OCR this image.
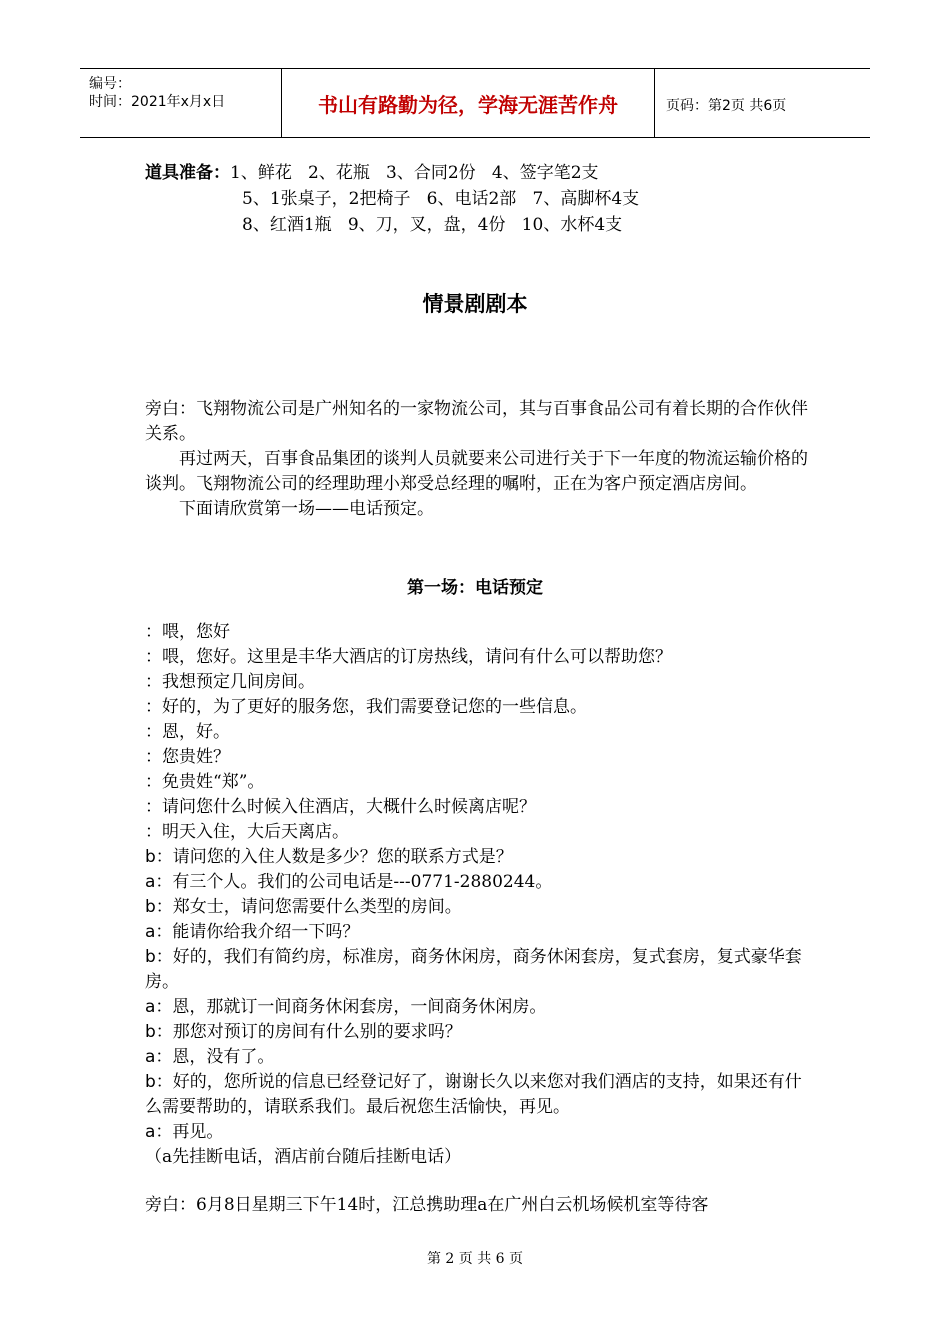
编号：
时间：2021年x月x日	书山有路勤为径，学海无涯苦作舟	页码：第2页 共6页
道具准备：1、鲜花   2、花瓶   3、合同2份   4、签字笔2支
5、1张桌子，2把椅子   6、电话2部   7、高脚杯4支
8、红酒1瓶   9、刀，叉，盘，4份   10、水杯4支
情景剧剧本

旁白：飞翔物流公司是广州知名的一家物流公司，其与百事食品公司有着长期的合作伙伴关系。

再过两天，百事食品集团的谈判人员就要来公司进行关于下一年度的物流运输价格的谈判。飞翔物流公司的经理助理小郑受总经理的嘱咐，正在为客户预定酒店房间。

下面请欣赏第一场——电话预定。

第一场：电话预定

：喂，您好

：喂，您好。这里是丰华大酒店的订房热线，请问有什么可以帮助您？

：我想预定几间房间。

：好的，为了更好的服务您，我们需要登记您的一些信息。

：恩，好。

：您贵姓？

：免贵姓“郑”。

：请问您什么时候入住酒店，大概什么时候离店呢？

：明天入住，大后天离店。

b：请问您的入住人数是多少？您的联系方式是？

a：有三个人。我们的公司电话是---0771-2880244。

b：郑女士，请问您需要什么类型的房间。

a：能请你给我介绍一下吗？

b：好的，我们有简约房，标准房，商务休闲房，商务休闲套房，复式套房，复式豪华套房。

a：恩，那就订一间商务休闲套房，一间商务休闲房。

b：那您对预订的房间有什么别的要求吗？

a：恩，没有了。

b：好的，您所说的信息已经登记好了，谢谢长久以来您对我们酒店的支持，如果还有什么需要帮助的，请联系我们。最后祝您生活愉快，再见。

a：再见。

（a先挂断电话，酒店前台随后挂断电话）

旁白：6月8日星期三下午14时，江总携助理a在广州白云机场候机室等待客
第 2 页 共 6 页
